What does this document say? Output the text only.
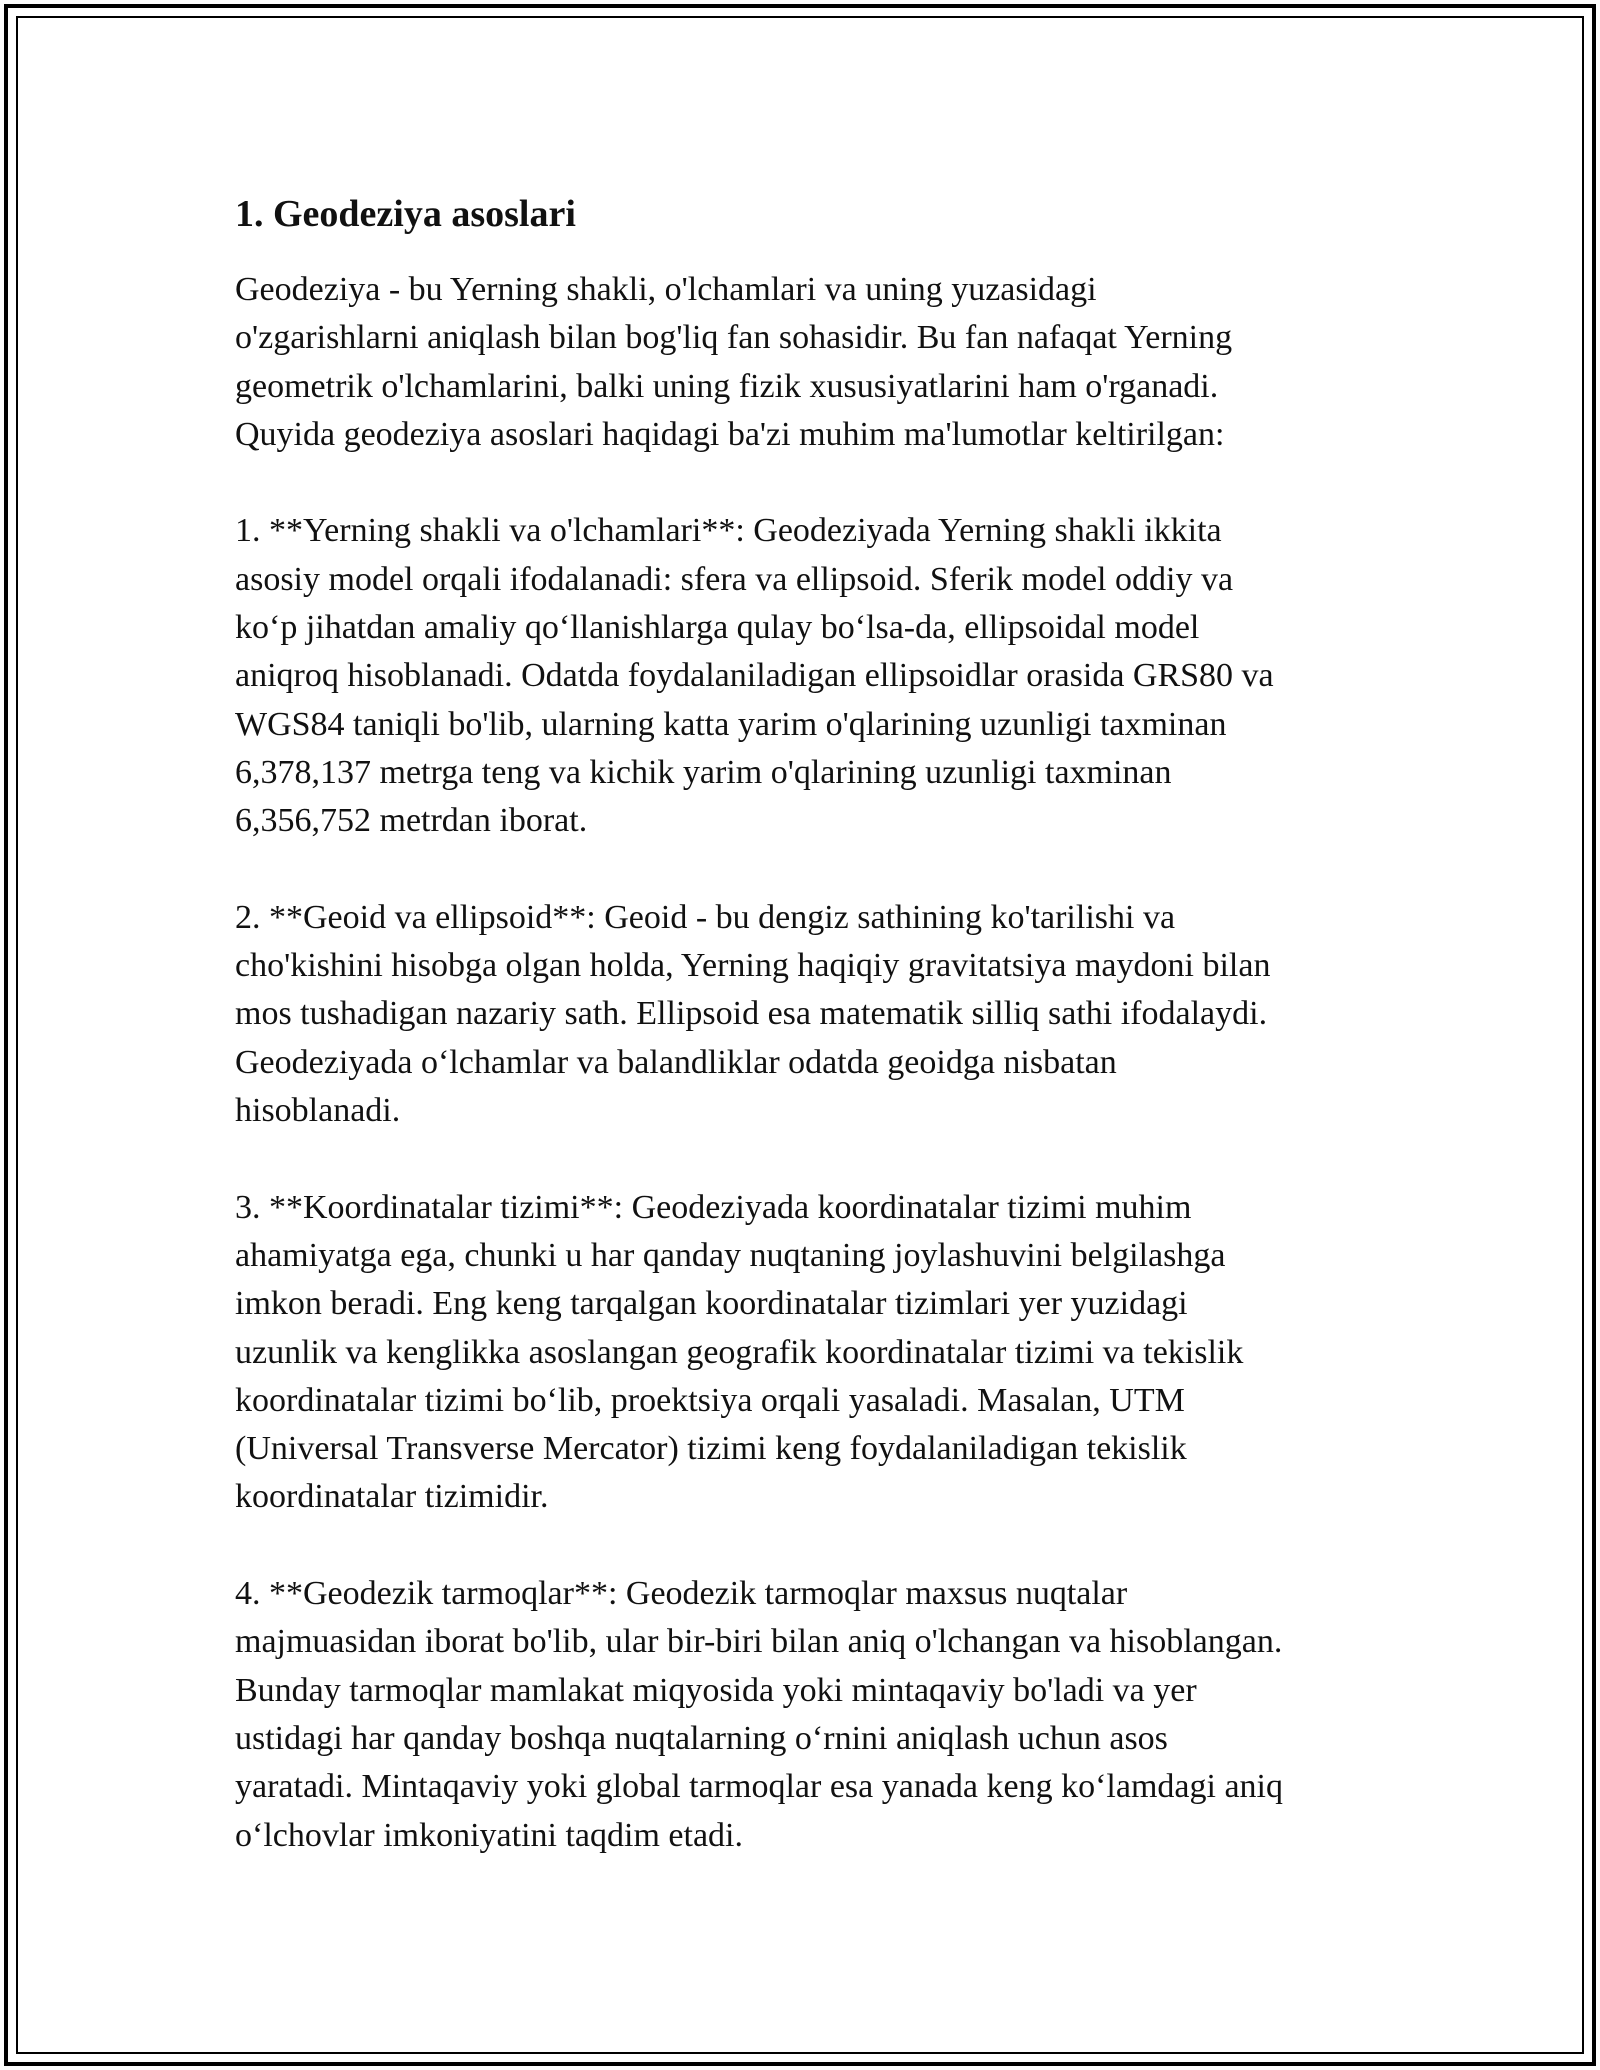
1. Geodeziya asoslari

Geodeziya - bu Yerning shakli, o'lchamlari va uning yuzasidagi
o'zgarishlarni aniqlash bilan bog'liq fan sohasidir. Bu fan nafaqat Yerning
geometrik o'lchamlarini, balki uning fizik xususiyatlarini ham o'rganadi.
Quyida geodeziya asoslari haqidagi ba'zi muhim ma'lumotlar keltirilgan:

1. **Yerning shakli va o'lchamlari**: Geodeziyada Yerning shakli ikkita
asosiy model orqali ifodalanadi: sfera va ellipsoid. Sferik model oddiy va
ko‘p jihatdan amaliy qo‘llanishlarga qulay bo‘lsa-da, ellipsoidal model
aniqroq hisoblanadi. Odatda foydalaniladigan ellipsoidlar orasida GRS80 va
WGS84 taniqli bo'lib, ularning katta yarim o'qlarining uzunligi taxminan
6,378,137 metrga teng va kichik yarim o'qlarining uzunligi taxminan
6,356,752 metrdan iborat.

2. **Geoid va ellipsoid**: Geoid - bu dengiz sathining ko'tarilishi va
cho'kishini hisobga olgan holda, Yerning haqiqiy gravitatsiya maydoni bilan
mos tushadigan nazariy sath. Ellipsoid esa matematik silliq sathi ifodalaydi.
Geodeziyada o‘lchamlar va balandliklar odatda geoidga nisbatan
hisoblanadi.

3. **Koordinatalar tizimi**: Geodeziyada koordinatalar tizimi muhim
ahamiyatga ega, chunki u har qanday nuqtaning joylashuvini belgilashga
imkon beradi. Eng keng tarqalgan koordinatalar tizimlari yer yuzidagi
uzunlik va kenglikka asoslangan geografik koordinatalar tizimi va tekislik
koordinatalar tizimi bo‘lib, proektsiya orqali yasaladi. Masalan, UTM
(Universal Transverse Mercator) tizimi keng foydalaniladigan tekislik
koordinatalar tizimidir.

4. **Geodezik tarmoqlar**: Geodezik tarmoqlar maxsus nuqtalar
majmuasidan iborat bo'lib, ular bir-biri bilan aniq o'lchangan va hisoblangan.
Bunday tarmoqlar mamlakat miqyosida yoki mintaqaviy bo'ladi va yer
ustidagi har qanday boshqa nuqtalarning o‘rnini aniqlash uchun asos
yaratadi. Mintaqaviy yoki global tarmoqlar esa yanada keng ko‘lamdagi aniq
o‘lchovlar imkoniyatini taqdim etadi.
